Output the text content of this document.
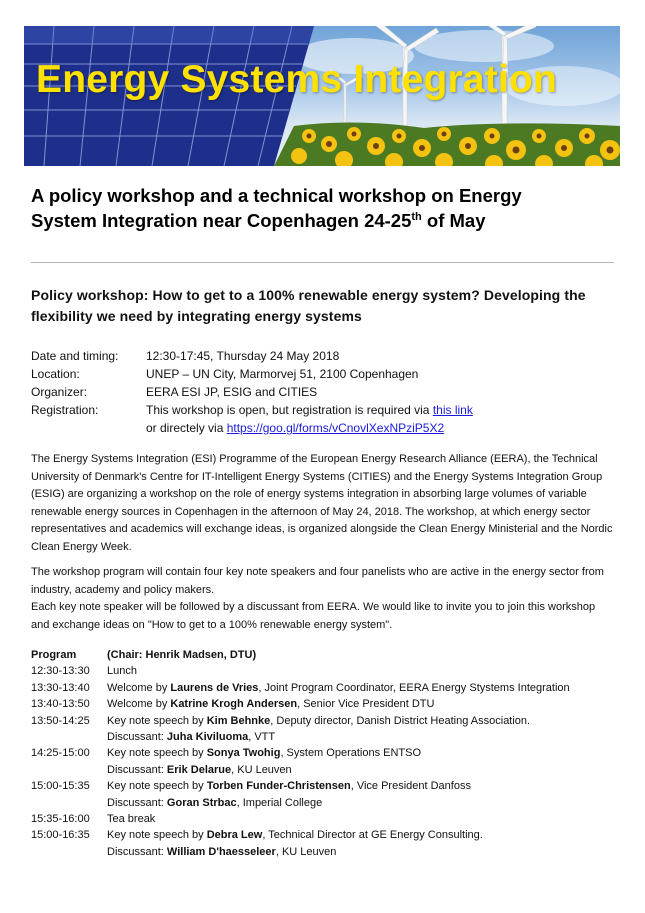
Energy Systems Integration
A policy workshop and a technical workshop on Energy System Integration near Copenhagen 24-25th of May
Policy workshop: How to get to a 100% renewable energy system? Developing the flexibility we need by integrating energy systems
Date and timing:	12:30-17:45, Thursday 24 May 2018
Location:	UNEP – UN City, Marmorvej 51, 2100 Copenhagen
Organizer:	EERA ESI JP, ESIG and CITIES
Registration:	This workshop is open, but registration is required via this link
or directely via https://goo.gl/forms/vCnovlXexNPziP5X2
The Energy Systems Integration (ESI) Programme of the European Energy Research Alliance (EERA), the Technical University of Denmark's Centre for IT-Intelligent Energy Systems (CITIES) and the Energy Systems Integration Group (ESIG) are organizing a workshop on the role of energy systems integration in absorbing large volumes of variable renewable energy sources in Copenhagen in the afternoon of May 24, 2018. The workshop, at which energy sector representatives and academics will exchange ideas, is organized alongside the Clean Energy Ministerial and the Nordic Clean Energy Week.
The workshop program will contain four key note speakers and four panelists who are active in the energy sector from industry, academy and policy makers.
Each key note speaker will be followed by a discussant from EERA. We would like to invite you to join this workshop and exchange ideas on "How to get to a 100% renewable energy system".
Program	(Chair: Henrik Madsen, DTU)
12:30-13:30	Lunch
13:30-13:40	Welcome by Laurens de Vries, Joint Program Coordinator, EERA Energy Stystems Integration
13:40-13:50	Welcome by Katrine Krogh Andersen, Senior Vice President DTU
13:50-14:25	Key note speech by Kim Behnke, Deputy director, Danish District Heating Association.
Discussant: Juha Kiviluoma, VTT
14:25-15:00	Key note speech by Sonya Twohig, System Operations ENTSO
Discussant: Erik Delarue, KU Leuven
15:00-15:35	Key note speech by Torben Funder-Christensen, Vice President Danfoss
Discussant: Goran Strbac, Imperial College
15:35-16:00	Tea break
15:00-16:35	Key note speech by Debra Lew, Technical Director at GE Energy Consulting.
Discussant: William D'haesseleer, KU Leuven
